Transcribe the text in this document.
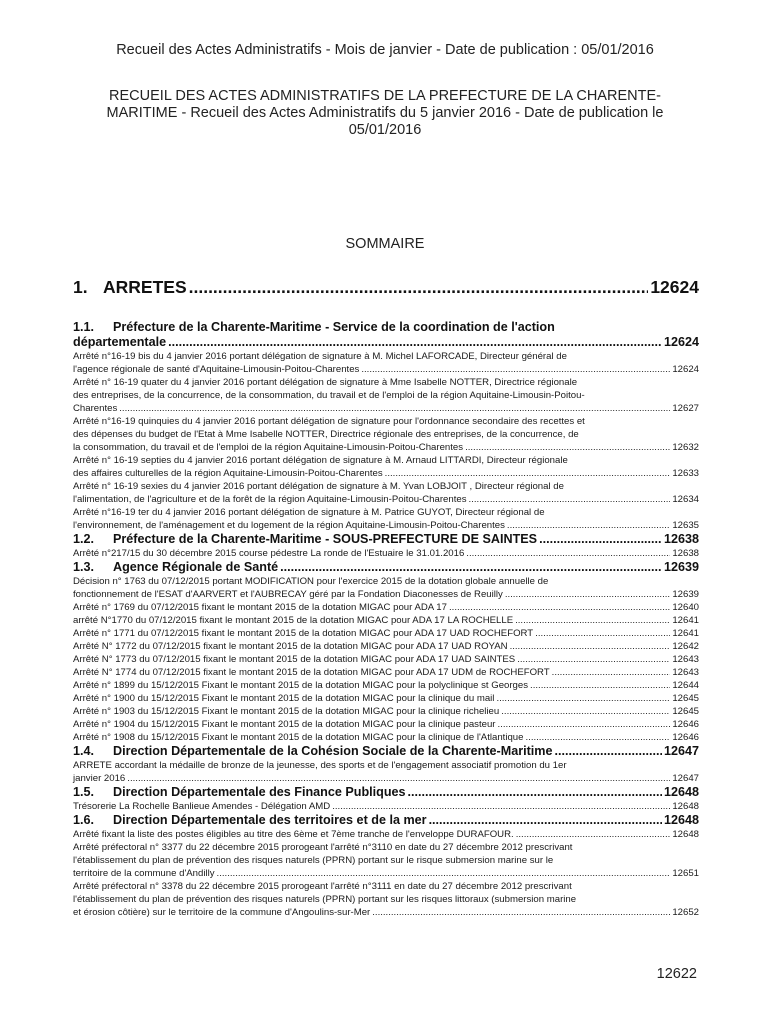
Recueil des Actes Administratifs - Mois de janvier - Date de publication : 05/01/2016
RECUEIL DES ACTES ADMINISTRATIFS DE LA PREFECTURE DE LA CHARENTE-
MARITIME - Recueil des Actes Administratifs du 5 janvier 2016 - Date de publication le
05/01/2016
SOMMAIRE
1. ARRETES .....	12624
1.1.	Préfecture de la Charente-Maritime - Service de la coordination de l'action
départementale .....	12624
Arrêté n°16-19 bis du 4 janvier 2016 portant délégation de signature à M. Michel LAFORCADE, Directeur général de
l'agence régionale de santé d'Aquitaine-Limousin-Poitou-Charentes .....	12624
Arrêté n° 16-19 quater du 4 janvier 2016 portant délégation de signature à Mme Isabelle NOTTER, Directrice régionale
des entreprises, de la concurrence, de la consommation, du travail et de l'emploi de la région Aquitaine-Limousin-Poitou-
Charentes .....	12627
Arrêté n°16-19 quinquies du 4 janvier 2016 portant délégation de signature pour l'ordonnance secondaire des recettes et
des dépenses du budget de l'Etat à Mme Isabelle NOTTER, Directrice régionale des entreprises, de la concurrence, de
la consommation, du travail et de l'emploi de la région Aquitaine-Limousin-Poitou-Charentes .....	12632
Arrêté n° 16-19 septies du 4 janvier 2016 portant délégation de signature à M. Arnaud LITTARDI, Directeur régionale
des affaires culturelles de la région Aquitaine-Limousin-Poitou-Charentes .....	12633
Arrêté n° 16-19 sexies du 4 janvier 2016 portant délégation de signature à M. Yvan LOBJOIT , Directeur régional de
l'alimentation, de l'agriculture et de la forêt de la région Aquitaine-Limousin-Poitou-Charentes .....	12634
Arrêté n°16-19 ter du 4 janvier 2016 portant délégation de signature à M. Patrice GUYOT, Directeur régional de
l'environnement, de l'aménagement et du logement de la région Aquitaine-Limousin-Poitou-Charentes .....	12635
1.2.	Préfecture de la Charente-Maritime - SOUS-PREFECTURE DE SAINTES .....	12638
Arrêté n°217/15 du 30 décembre 2015 course pédestre La ronde de l'Estuaire le 31.01.2016 .....	12638
1.3.	Agence Régionale de Santé .....	12639
Décision n° 1763 du 07/12/2015 portant MODIFICATION pour l'exercice 2015 de la dotation globale annuelle de
fonctionnement de l'ESAT d'AARVERT et l'AUBRECAY géré par la Fondation Diaconesses de Reuilly .....	12639
Arrêté n° 1769 du 07/12/2015 fixant le montant 2015 de la dotation MIGAC pour ADA 17 .....	12640
arrêté N°1770 du 07/12/2015 fixant le montant 2015 de la dotation MIGAC pour ADA 17 LA ROCHELLE .....	12641
Arrêté n° 1771 du 07/12/2015 fixant le montant 2015 de la dotation MIGAC pour ADA 17 UAD ROCHEFORT .....	12641
Arrêté N° 1772 du 07/12/2015 fixant le montant 2015 de la dotation MIGAC pour ADA 17 UAD ROYAN .....	12642
Arrêté N° 1773 du 07/12/2015 fixant le montant 2015 de la dotation MIGAC pour ADA 17 UAD SAINTES .....	12643
Arrêté N° 1774 du 07/12/2015 fixant le montant 2015 de la dotation MIGAC pour ADA 17 UDM de ROCHEFORT .....	12643
Arrêté n° 1899 du 15/12/2015 Fixant le montant 2015 de la dotation MIGAC pour la polyclinique st Georges .....	12644
Arrêté n° 1900 du 15/12/2015 Fixant le montant 2015 de la dotation MIGAC pour la clinique du mail .....	12645
Arrêté n° 1903 du 15/12/2015 Fixant le montant 2015 de la dotation MIGAC pour la clinique richelieu .....	12645
Arrêté n° 1904 du 15/12/2015 Fixant le montant 2015 de la dotation MIGAC pour la clinique pasteur .....	12646
Arrêté n° 1908 du 15/12/2015 Fixant le montant 2015 de la dotation MIGAC pour la clinique de l'Atlantique .....	12646
1.4.	Direction Départementale de la Cohésion Sociale de la Charente-Maritime .....	12647
ARRETE accordant la médaille de bronze de la jeunesse, des sports et de l'engagement associatif promotion du 1er
janvier 2016 .....	12647
1.5.	Direction Départementale des Finance Publiques .....	12648
Trésorerie La Rochelle Banlieue Amendes - Délégation AMD .....	12648
1.6.	Direction Départementale des territoires et de la mer .....	12648
Arrêté fixant la liste des postes éligibles au titre des 6ème et 7ème tranche de l'enveloppe DURAFOUR. .....	12648
Arrêté préfectoral n° 3377 du 22 décembre 2015 prorogeant l'arrêté n°3110 en date du 27 décembre 2012 prescrivant
l'établissement du plan de prévention des risques naturels (PPRN) portant sur le risque submersion marine sur le
territoire de la commune d'Andilly .....	12651
Arrêté préfectoral n° 3378 du 22 décembre 2015 prorogeant l'arrêté n°3111 en date du 27 décembre 2012 prescrivant
l'établissement du plan de prévention des risques naturels (PPRN) portant sur les risques littoraux (submersion marine
et érosion côtière) sur le territoire de la commune d'Angoulins-sur-Mer .....	12652
12622
